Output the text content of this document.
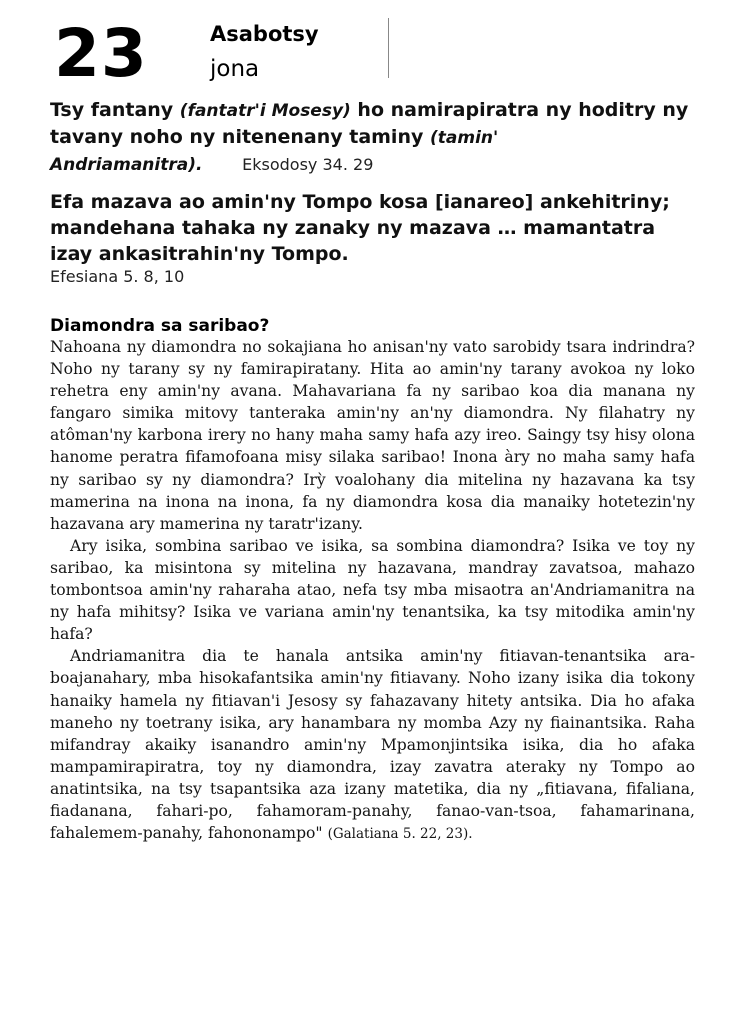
23	Asabotsy
jona
Tsy fantany (fantatr'i Mosesy) ho namirapiratra ny hoditry ny tavany noho ny nitenenany taminy (tamin' Andriamanitra). Eksodosy 34. 29
Efa mazava ao amin'ny Tompo kosa [ianareo] ankehitriny; mandehana tahaka ny zanaky ny mazava … mamantatra izay ankasitrahin'ny Tompo.
Efesiana 5. 8, 10
Diamondra sa saribao?

Nahoana ny diamondra no sokajiana ho anisan'ny vato sarobidy tsara indrindra? Noho ny tarany sy ny famirapiratany. Hita ao amin'ny tarany avokoa ny loko rehetra eny amin'ny avana. Mahavariana fa ny saribao koa dia manana ny fangaro simika mitovy tanteraka amin'ny an'ny diamondra. Ny filahatry ny atôman'ny karbona irery no hany maha samy hafa azy ireo. Saingy tsy hisy olona hanome peratra fifamofoana misy silaka saribao! Inona àry no maha samy hafa ny saribao sy ny diamondra? Irỳ voalohany dia mitelina ny hazavana ka tsy mamerina na inona na inona, fa ny diamondra kosa dia manaiky hotetezin'ny hazavana ary mamerina ny taratr'izany.

Ary isika, sombina saribao ve isika, sa sombina diamondra? Isika ve toy ny saribao, ka misintona sy mitelina ny hazavana, mandray zavatsoa, mahazo tombontsoa amin'ny raharaha atao, nefa tsy mba misaotra an'Andriamanitra na ny hafa mihitsy? Isika ve variana amin'ny tenantsika, ka tsy mitodika amin'ny hafa?

Andriamanitra dia te hanala antsika amin'ny fitiavan-tenantsika ara-boajanahary, mba hisokafantsika amin'ny fitiavany. Noho izany isika dia tokony hanaiky hamela ny fitiavan'i Jesosy sy fahazavany hitety antsika. Dia ho afaka maneho ny toetrany isika, ary hanambara ny momba Azy ny fiainantsika. Raha mifandray akaiky isanandro amin'ny Mpamonjintsika isika, dia ho afaka mampamirapiratra, toy ny diamondra, izay zavatra ateraky ny Tompo ao anatintsika, na tsy tsapantsika aza izany matetika, dia ny „fitiavana, fifaliana, fiadanana, fahari-po, fahamoram-panahy, fanao-van-tsoa, fahamarinana, fahalemem-panahy, fahononampo" (Galatiana 5. 22, 23).
